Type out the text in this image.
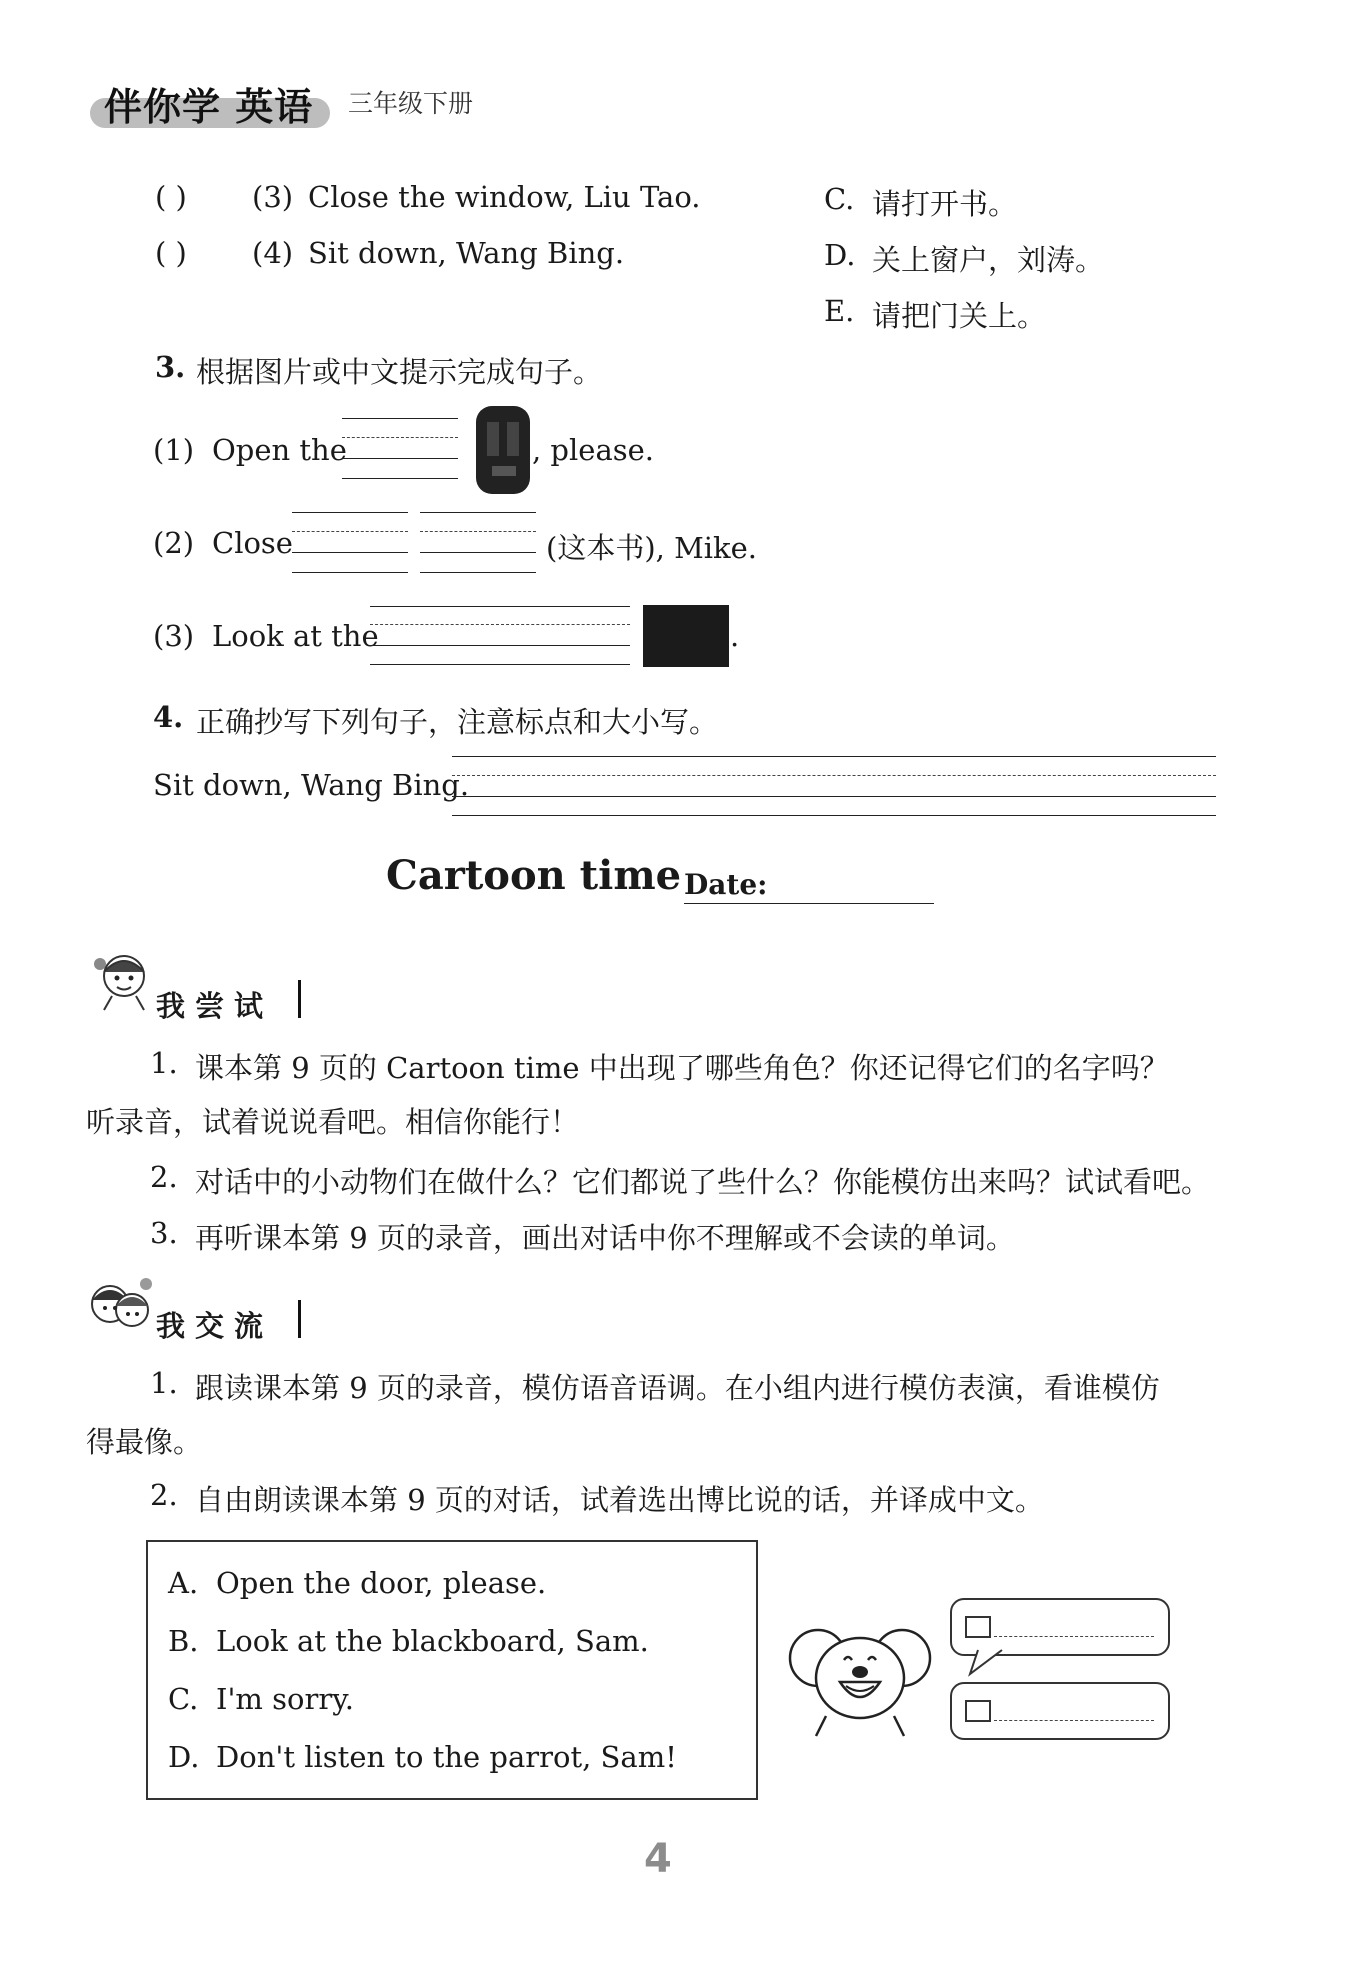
伴你学 英语 三年级下册
( ) (3) Close the window, Liu Tao.
( ) (4) Sit down, Wang Bing.
C. 请打开书。
D. 关上窗户，刘涛。
E. 请把门关上。
3. 根据图片或中文提示完成句子。
(1) Open the	, please.
(2) Close	(这本书), Mike.
(3) Look at the	.
4. 正确抄写下列句子，注意标点和大小写。
Sit down, Wang Bing.
Cartoon time Date:
我尝试
1. 课本第 9 页的 Cartoon time 中出现了哪些角色？你还记得它们的名字吗？
听录音，试着说说看吧。相信你能行！
2. 对话中的小动物们在做什么？它们都说了些什么？你能模仿出来吗？试试看吧。
3. 再听课本第 9 页的录音，画出对话中你不理解或不会读的单词。
我交流
1. 跟读课本第 9 页的录音，模仿语音语调。在小组内进行模仿表演，看谁模仿
得最像。
2. 自由朗读课本第 9 页的对话，试着选出博比说的话，并译成中文。
A. Open the door, please.
B. Look at the blackboard, Sam.
C. I'm sorry.
D. Don't listen to the parrot, Sam!
4
